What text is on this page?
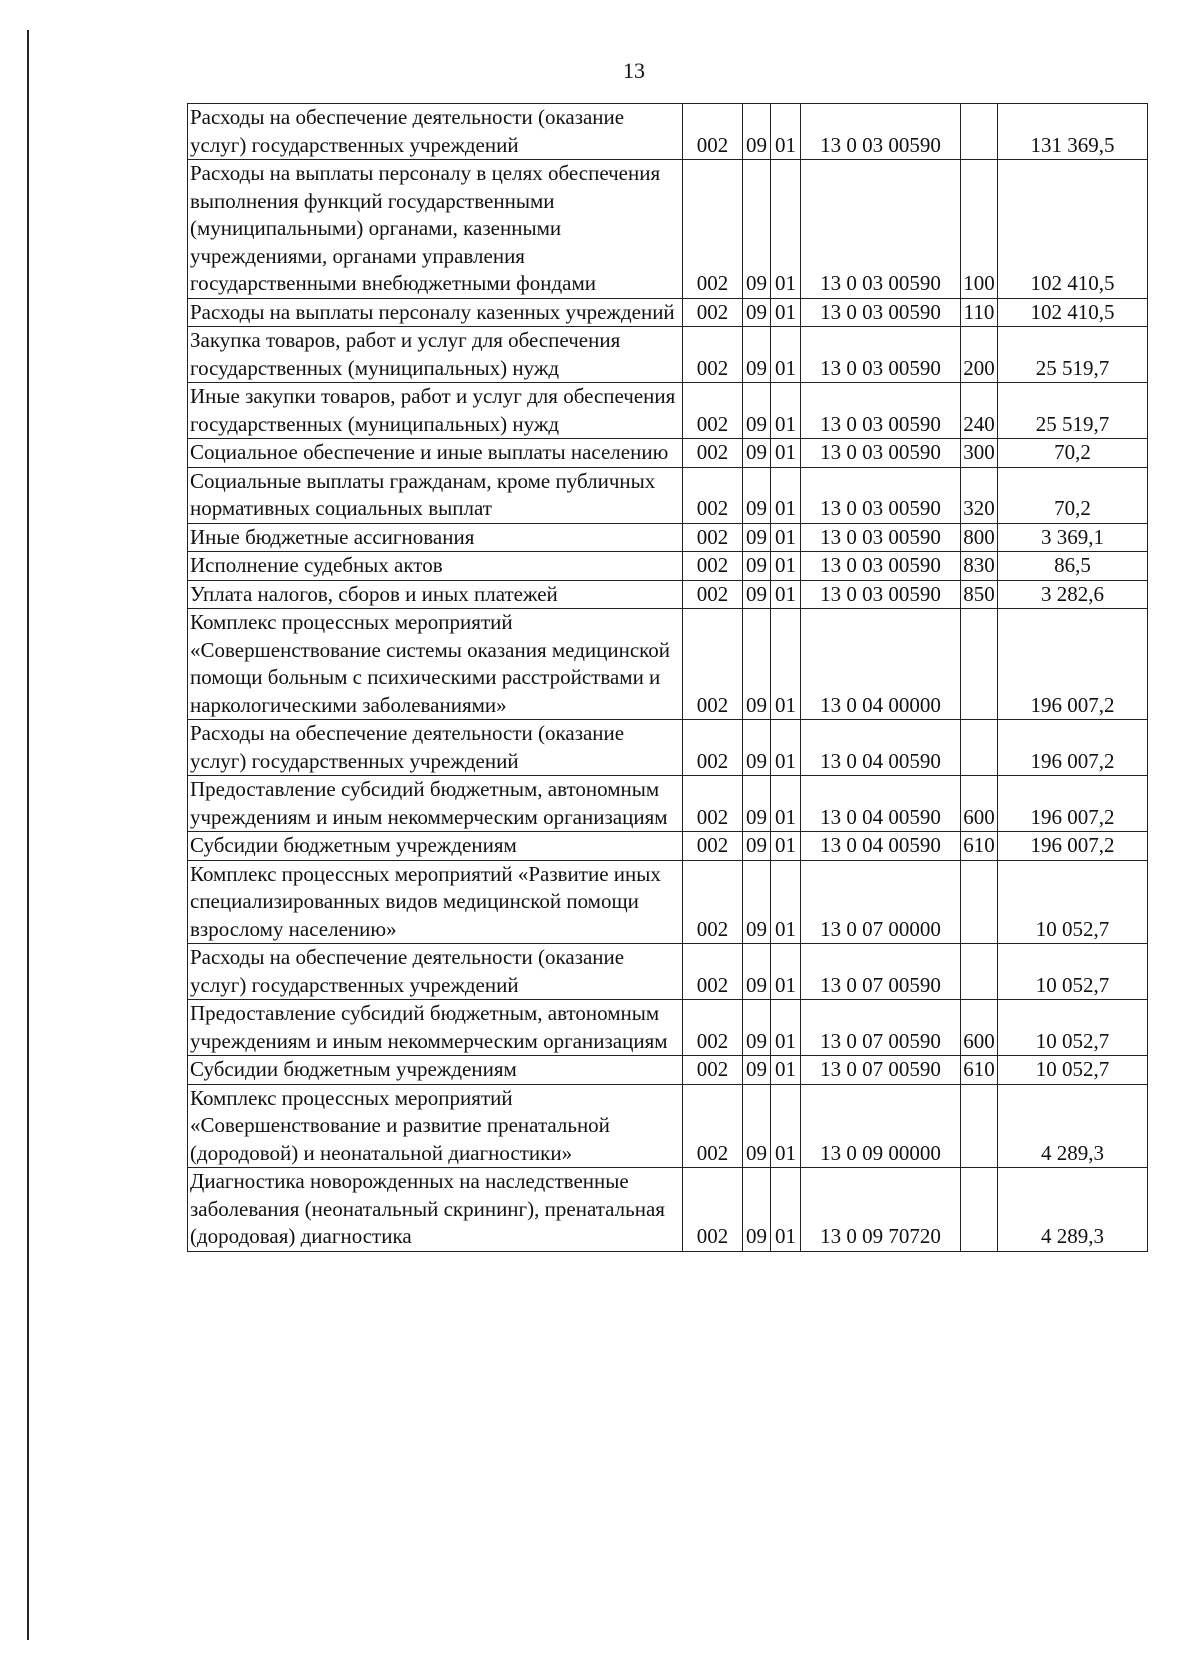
13
Расходы на обеспечение деятельности (оказание услуг) государственных учреждений	002	09	01	13 0 03 00590		131 369,5
Расходы на выплаты персоналу в целях обеспечения выполнения функций государственными (муниципальными) органами, казенными учреждениями, органами управления государственными внебюджетными фондами	002	09	01	13 0 03 00590	100	102 410,5
Расходы на выплаты персоналу казенных учреждений	002	09	01	13 0 03 00590	110	102 410,5
Закупка товаров, работ и услуг для обеспечения государственных (муниципальных) нужд	002	09	01	13 0 03 00590	200	25 519,7
Иные закупки товаров, работ и услуг для обеспечения государственных (муниципальных) нужд	002	09	01	13 0 03 00590	240	25 519,7
Социальное обеспечение и иные выплаты населению	002	09	01	13 0 03 00590	300	70,2
Социальные выплаты гражданам, кроме публичных нормативных социальных выплат	002	09	01	13 0 03 00590	320	70,2
Иные бюджетные ассигнования	002	09	01	13 0 03 00590	800	3 369,1
Исполнение судебных актов	002	09	01	13 0 03 00590	830	86,5
Уплата налогов, сборов и иных платежей	002	09	01	13 0 03 00590	850	3 282,6
Комплекс процессных мероприятий «Совершенствование системы оказания медицинской помощи больным с психическими расстройствами и наркологическими заболеваниями»	002	09	01	13 0 04 00000		196 007,2
Расходы на обеспечение деятельности (оказание услуг) государственных учреждений	002	09	01	13 0 04 00590		196 007,2
Предоставление субсидий бюджетным, автономным учреждениям и иным некоммерческим организациям	002	09	01	13 0 04 00590	600	196 007,2
Субсидии бюджетным учреждениям	002	09	01	13 0 04 00590	610	196 007,2
Комплекс процессных мероприятий «Развитие иных специализированных видов медицинской помощи взрослому населению»	002	09	01	13 0 07 00000		10 052,7
Расходы на обеспечение деятельности (оказание услуг) государственных учреждений	002	09	01	13 0 07 00590		10 052,7
Предоставление субсидий бюджетным, автономным учреждениям и иным некоммерческим организациям	002	09	01	13 0 07 00590	600	10 052,7
Субсидии бюджетным учреждениям	002	09	01	13 0 07 00590	610	10 052,7
Комплекс процессных мероприятий «Совершенствование и развитие пренатальной (дородовой) и неонатальной диагностики»	002	09	01	13 0 09 00000		4 289,3
Диагностика новорожденных на наследственные заболевания (неонатальный скрининг), пренатальная (дородовая) диагностика	002	09	01	13 0 09 70720		4 289,3
